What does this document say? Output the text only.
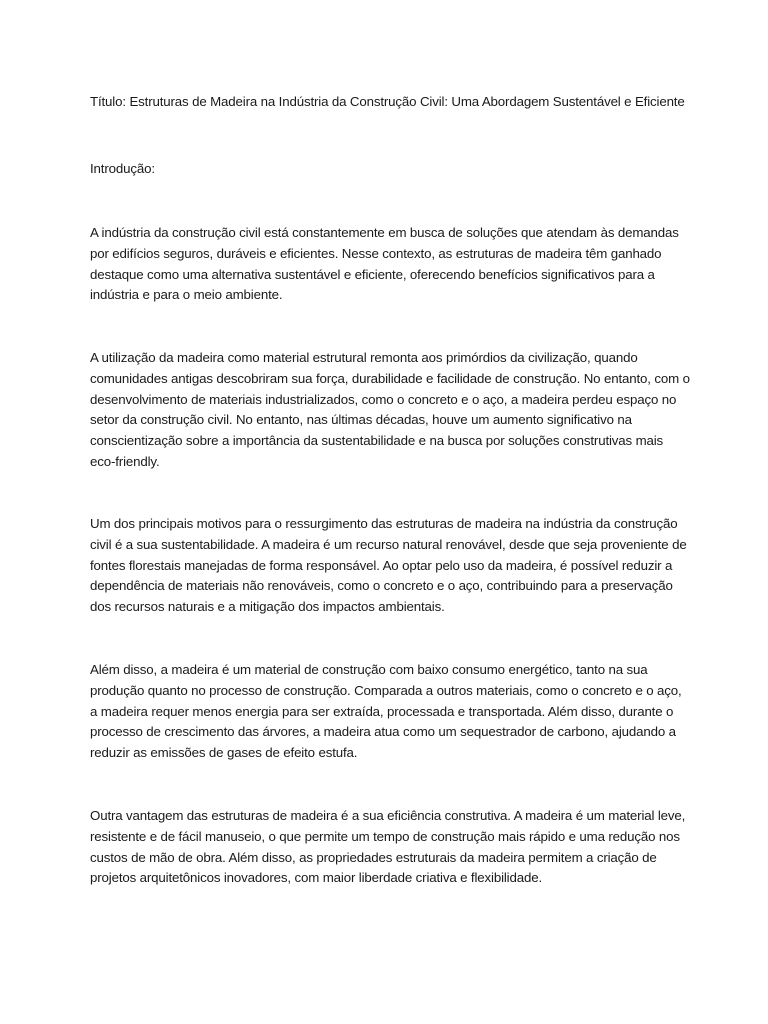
Título: Estruturas de Madeira na Indústria da Construção Civil: Uma Abordagem Sustentável e Eficiente

Introdução:

A indústria da construção civil está constantemente em busca de soluções que atendam às demandas por edifícios seguros, duráveis e eficientes. Nesse contexto, as estruturas de madeira têm ganhado destaque como uma alternativa sustentável e eficiente, oferecendo benefícios significativos para a indústria e para o meio ambiente.

A utilização da madeira como material estrutural remonta aos primórdios da civilização, quando comunidades antigas descobriram sua força, durabilidade e facilidade de construção. No entanto, com o desenvolvimento de materiais industrializados, como o concreto e o aço, a madeira perdeu espaço no setor da construção civil. No entanto, nas últimas décadas, houve um aumento significativo na conscientização sobre a importância da sustentabilidade e na busca por soluções construtivas mais eco-friendly.

Um dos principais motivos para o ressurgimento das estruturas de madeira na indústria da construção civil é a sua sustentabilidade. A madeira é um recurso natural renovável, desde que seja proveniente de fontes florestais manejadas de forma responsável. Ao optar pelo uso da madeira, é possível reduzir a dependência de materiais não renováveis, como o concreto e o aço, contribuindo para a preservação dos recursos naturais e a mitigação dos impactos ambientais.

Além disso, a madeira é um material de construção com baixo consumo energético, tanto na sua produção quanto no processo de construção. Comparada a outros materiais, como o concreto e o aço, a madeira requer menos energia para ser extraída, processada e transportada. Além disso, durante o processo de crescimento das árvores, a madeira atua como um sequestrador de carbono, ajudando a reduzir as emissões de gases de efeito estufa.

Outra vantagem das estruturas de madeira é a sua eficiência construtiva. A madeira é um material leve, resistente e de fácil manuseio, o que permite um tempo de construção mais rápido e uma redução nos custos de mão de obra. Além disso, as propriedades estruturais da madeira permitem a criação de projetos arquitetônicos inovadores, com maior liberdade criativa e flexibilidade.
